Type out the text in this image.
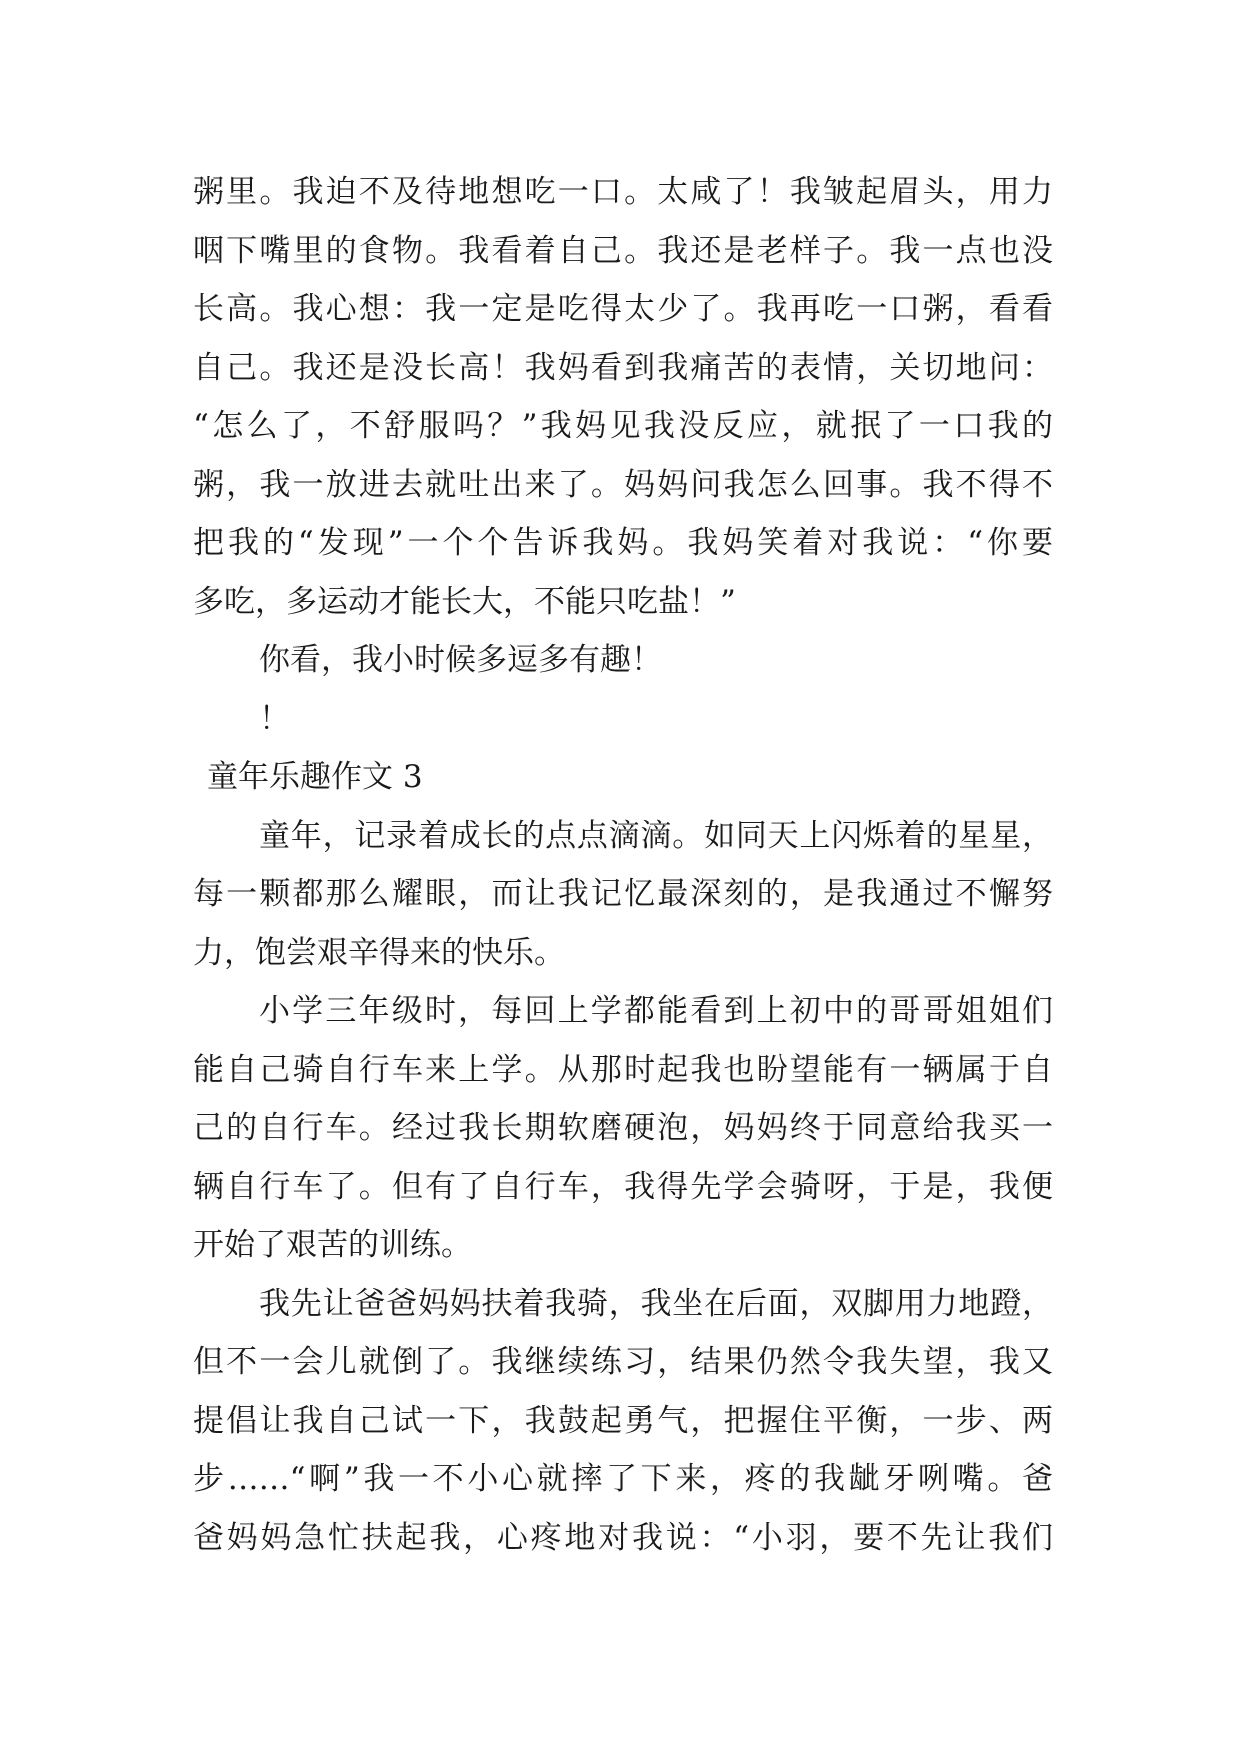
粥里。我迫不及待地想吃一口。太咸了！我皱起眉头，用力
咽下嘴里的食物。我看着自己。我还是老样子。我一点也没
长高。我心想：我一定是吃得太少了。我再吃一口粥，看看
自己。我还是没长高！我妈看到我痛苦的表情，关切地问：
“怎么了，不舒服吗？”我妈见我没反应，就抿了一口我的
粥，我一放进去就吐出来了。妈妈问我怎么回事。我不得不
把我的“发现”一个个告诉我妈。我妈笑着对我说：“你要
多吃，多运动才能长大，不能只吃盐！”
你看，我小时候多逗多有趣！
！
童年乐趣作文 3
童年，记录着成长的点点滴滴。如同天上闪烁着的星星，
每一颗都那么耀眼，而让我记忆最深刻的，是我通过不懈努
力，饱尝艰辛得来的快乐。
小学三年级时，每回上学都能看到上初中的哥哥姐姐们
能自己骑自行车来上学。从那时起我也盼望能有一辆属于自
己的自行车。经过我长期软磨硬泡，妈妈终于同意给我买一
辆自行车了。但有了自行车，我得先学会骑呀，于是，我便
开始了艰苦的训练。
我先让爸爸妈妈扶着我骑，我坐在后面，双脚用力地蹬，
但不一会儿就倒了。我继续练习，结果仍然令我失望，我又
提倡让我自己试一下，我鼓起勇气，把握住平衡，一步、两
步……“啊”我一不小心就摔了下来，疼的我龇牙咧嘴。爸
爸妈妈急忙扶起我，心疼地对我说：“小羽，要不先让我们
